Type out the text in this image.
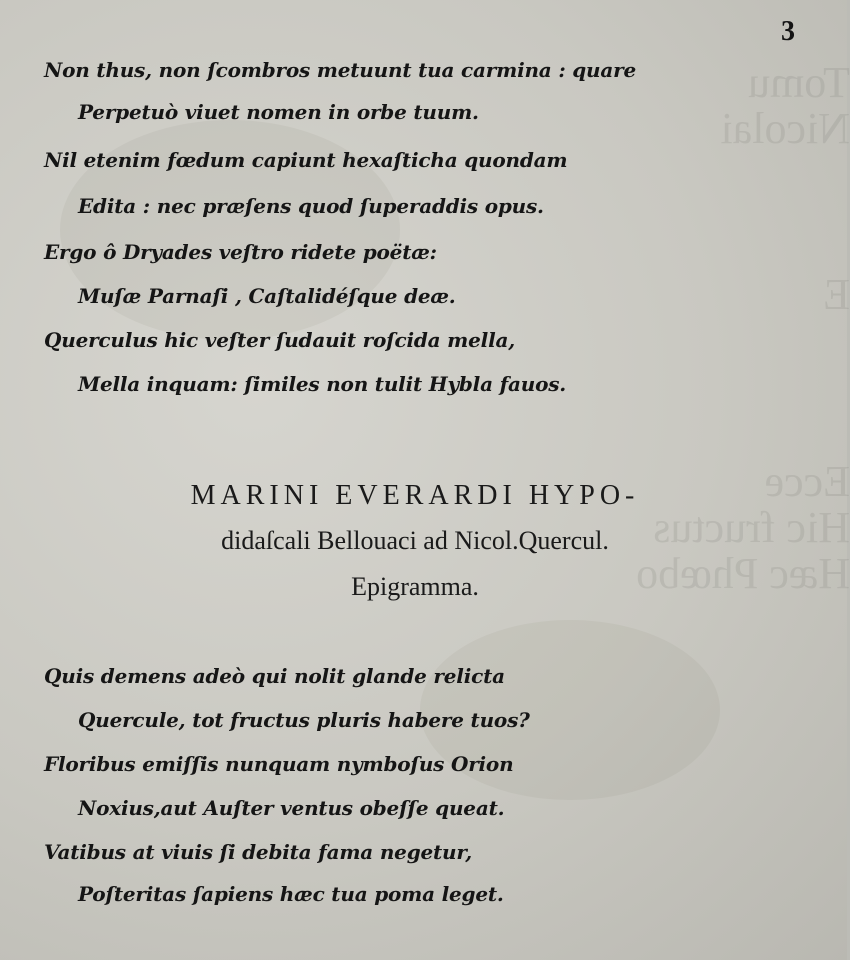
Tomu
Nicolai
E
Ecce
Hic fructus
Hæc Phœbo
3
Non thus, non ſcombros metuunt tua carmina : quare
Perpetuò viuet nomen in orbe tuum.
Nil etenim fœdum capiunt hexaſticha quondam
Edita : nec præſens quod ſuperaddis opus.
Ergo ô Dryades veſtro ridete poëtæ:
Muſæ Parnaſi , Caſtalidéſque deæ.
Querculus hic veſter ſudauit roſcida mella,
Mella inquam: ſimiles non tulit Hybla fauos.
MARINI EVERARDI HYPO-
didaſcali Bellouaci ad Nicol.Quercul.
Epigramma.
Quis demens adeò qui nolit glande relicta
Quercule, tot fructus pluris habere tuos?
Floribus emiſſis nunquam nymboſus Orion
Noxius,aut Auſter ventus obeſſe queat.
Vatibus at viuis ſi debita fama negetur,
Poſteritas ſapiens hæc tua poma leget.
